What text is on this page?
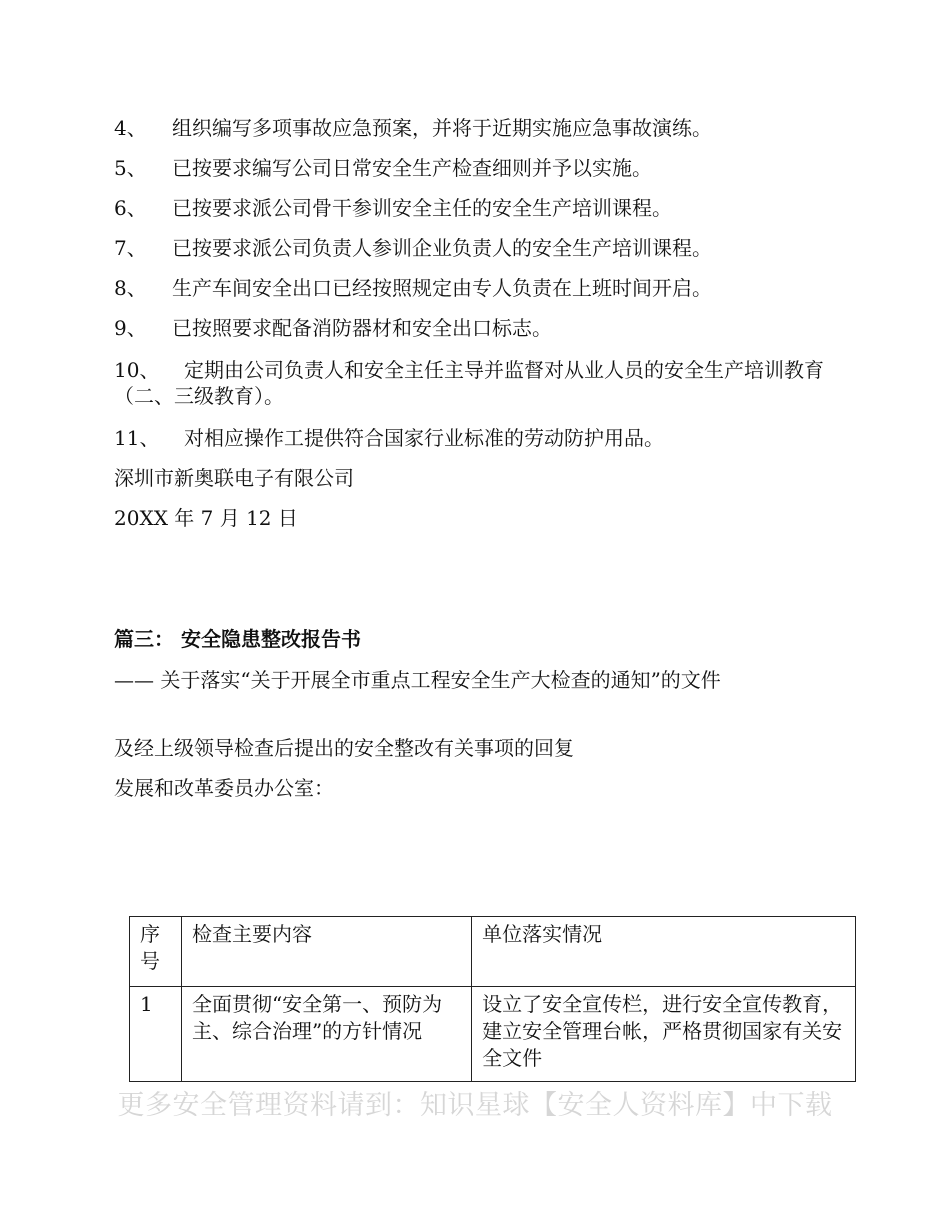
4、 组织编写多项事故应急预案，并将于近期实施应急事故演练。
5、 已按要求编写公司日常安全生产检查细则并予以实施。
6、 已按要求派公司骨干参训安全主任的安全生产培训课程。
7、 已按要求派公司负责人参训企业负责人的安全生产培训课程。
8、 生产车间安全出口已经按照规定由专人负责在上班时间开启。
9、 已按照要求配备消防器材和安全出口标志。
10、 定期由公司负责人和安全主任主导并监督对从业人员的安全生产培训教育（二、三级教育）。
11、 对相应操作工提供符合国家行业标准的劳动防护用品。
深圳市新奥联电子有限公司
20XX 年 7 月 12 日
篇三： 安全隐患整改报告书
—— 关于落实“关于开展全市重点工程安全生产大检查的通知”的文件
及经上级领导检查后提出的安全整改有关事项的回复
发展和改革委员办公室：
序号	检查主要内容	单位落实情况
1	全面贯彻“安全第一、预防为主、综合治理”的方针情况	设立了安全宣传栏，进行安全宣传教育，建立安全管理台帐，严格贯彻国家有关安全文件
更多安全管理资料请到：知识星球【安全人资料库】中下载
